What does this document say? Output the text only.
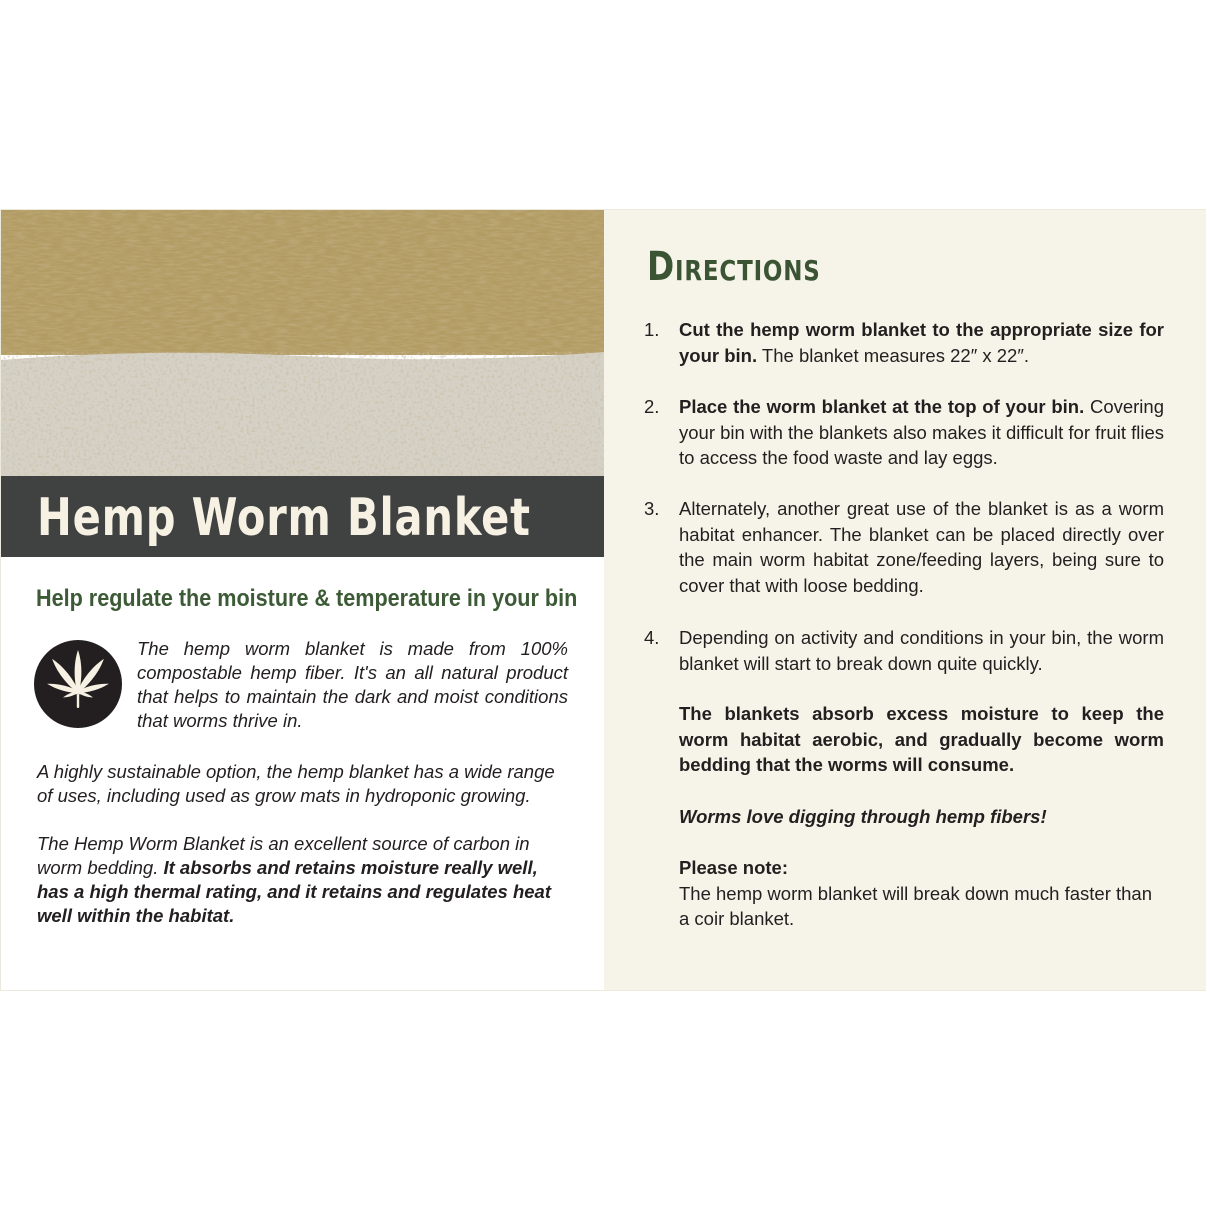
Hemp Worm Blanket
Help regulate the moisture & temperature in your bin

The hemp worm blanket is made from 100% compostable hemp fiber. It's an all natural product that helps to maintain the dark and moist conditions that worms thrive in.

A highly sustainable option, the hemp blanket has a wide range of uses, including used as grow mats in hydroponic growing.

The Hemp Worm Blanket is an excellent source of carbon in worm bedding. It absorbs and retains moisture really well, has a high thermal rating, and it retains and regulates heat well within the habitat.

Directions
1.	Cut the hemp worm blanket to the appropriate size for your bin. The blanket measures 22″ x 22″.
2.	Place the worm blanket at the top of your bin. Covering your bin with the blankets also makes it difficult for fruit flies to access the food waste and lay eggs.
3.	Alternately, another great use of the blanket is as a worm habitat enhancer. The blanket can be placed directly over the main worm habitat zone/feeding layers, being sure to cover that with loose bedding.
4.	Depending on activity and conditions in your bin, the worm blanket will start to break down quite quickly.

The blankets absorb excess moisture to keep the worm habitat aerobic, and gradually become worm bedding that the worms will consume.

Worms love digging through hemp fibers!

Please note:
The hemp worm blanket will break down much faster than a coir blanket.
